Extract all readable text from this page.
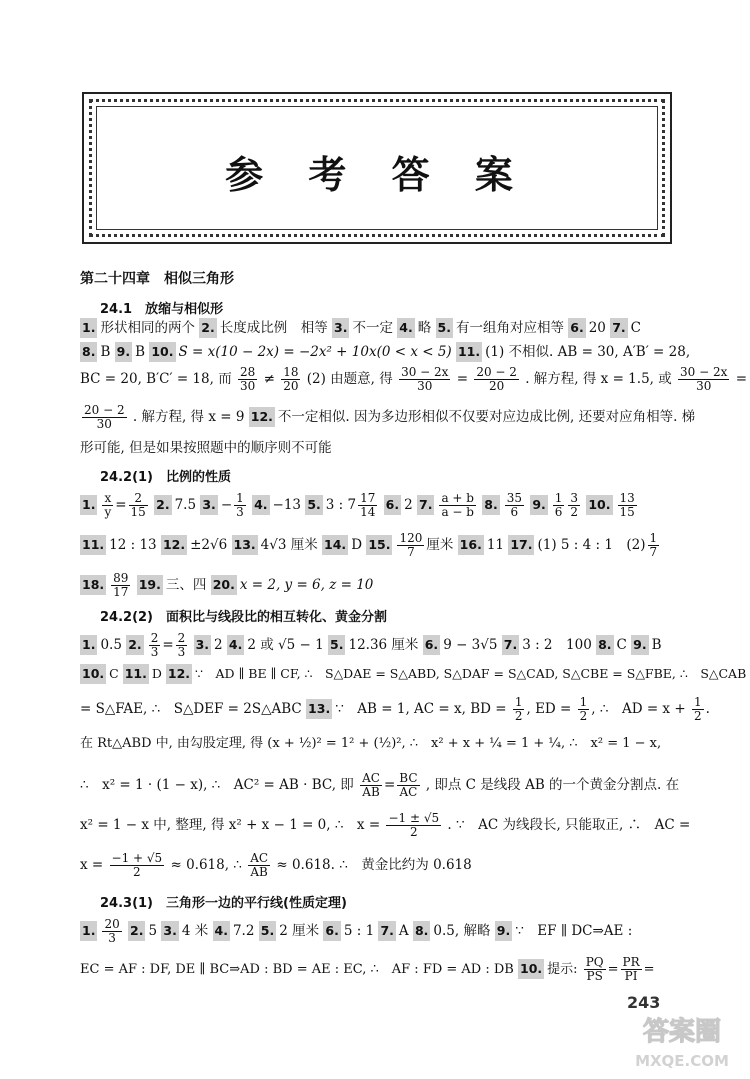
参 考 答 案
第二十四章　相似三角形
24.1　放缩与相似形
1. 形状相同的两个 2. 长度成比例　相等 3. 不一定 4. 略 5. 有一组角对应相等 6. 20 7. C
8. B 9. B 10. S = x(10 − 2x) = −2x² + 10x(0 < x < 5) 11. (1) 不相似. AB = 30, A′B′ = 28,
BC = 20, B′C′ = 18, 而 $\frac{28}{30} \ne \frac{18}{20} (2)$ 由题意, 得 $\frac{30 - 2x}{30} = \frac{20 - 2}{20}$ . 解方程, 得 x = 1.5, 或 $\frac{30 - 2x}{30}$ =
$\frac{20 - 2}{30}$ . 解方程, 得 x = 9 12. 不一定相似. 因为多边形相似不仅要对应边成比例, 还要对应角相等. 梯
形可能, 但是如果按照题中的顺序则不可能
24.2(1)　比例的性质
1. $\frac{x}{y} = \frac{2}{15} 2$. 7.5 3. − $\frac{1}{3} 4$. −13 5. 3 : $7 \frac{17}{14} 6$. 2 7. $\frac{a + b}{a - b} 8$. $\frac{35}{6} 9$. $\frac{1}{6} \frac{3}{2} 10$. $\frac{13}{15}$
11. 12 : 13 12. ±2√6 13. 4√3 厘米 14. D 15. $\frac{120}{7}$ 厘米 16. 11 17. (1) 5 : 4 : 1　$(2) \frac{1}{7}$
18. $\frac{89}{17} 19$. 三、四 20. x = 2, y = 6, z = 10
24.2(2)　面积比与线段比的相互转化、黄金分割
1. 0.5 2. $\frac{2}{3} = \frac{2}{3} 3$. 2 4. 2 或 √5 − 1 5. 12.36 厘米 6. 9 − 3√5 7. 3 : 2　100 8. C 9. B
10. C 11. D 12. ∵　AD ∥ BE ∥ CF, ∴　S△DAE = S△ABD, S△DAF = S△CAD, S△CBE = S△FBE, ∴　S△CAB
= S△FAE, ∴　S△DEF = 2S△ABC 13. ∵　AB = 1, AC = x, BD = $\frac{1}{2}$ , ED = $\frac{1}{2}$ , ∴　AD = $x + \frac{1}{2}$ .
在 Rt△ABD 中, 由勾股定理, 得 (x + ½)² = 1² + (½)², ∴　x² + x + ¼ = 1 + ¼, ∴　x² = 1 − x,
∴　x² = 1 · (1 − x), ∴　AC² = AB · BC, 即 $\frac{AC}{AB} = \frac{BC}{AC}$ , 即点 C 是线段 AB 的一个黄金分割点. 在
x² = 1 − x 中, 整理, 得 x² + x − 1 = 0, ∴　$x = \frac{-1 \pm √5}{2}$ . ∵　AC 为线段长, 只能取正, ∴　AC =
$x = \frac{-1 + √5}{2} \approx 0.618$, ∴ $\frac{AC}{AB} \approx 0.618$. ∴　黄金比约为 0.618
24.3(1)　三角形一边的平行线(性质定理)
1. $\frac{20}{3} 2$. 5 3. 4 米 4. 7.2 5. 2 厘米 6. 5 : 1 7. A 8. 0.5, 解略 9. ∵　EF ∥ DC⇒AE :
EC = AF : DF, DE ∥ BC⇒AD : BD = AE : EC, ∴　AF : FD = AD : DB 10. 提示: $\frac{PQ}{PS} = \frac{PR}{PI}$ =
243
答案圈
MXQE.COM
